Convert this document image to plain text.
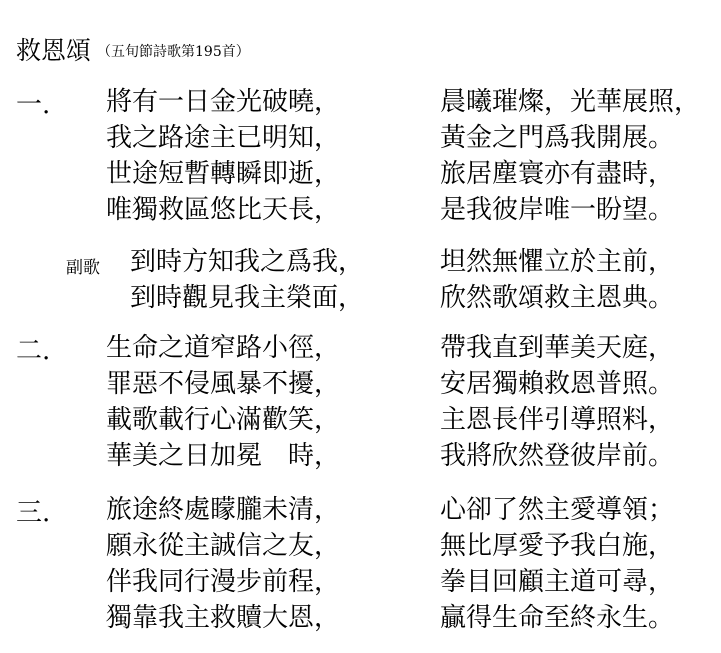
救恩頌 （五旬節詩歌第195首）
一. 將有一日金光破曉，
我之路途主已明知，
世途短暫轉瞬即逝，
唯獨救區悠比天長，
晨曦璀燦，光華展照，
黃金之門爲我開展。
旅居塵寰亦有盡時，
是我彼岸唯一盼望。
副歌 到時方知我之爲我，
到時觀見我主榮面，
坦然無懼立於主前，
欣然歌頌救主恩典。
二. 生命之道窄路小徑，
罪惡不侵風暴不擾，
載歌載行心滿歡笑，
華美之日加冕　時，
帶我直到華美天庭，
安居獨賴救恩普照。
主恩長伴引導照料，
我將欣然登彼岸前。
三. 旅途終處矇朧未清，
願永從主誠信之友，
伴我同行漫步前程，
獨靠我主救贖大恩，
心卻了然主愛導領；
無比厚愛予我白施，
拳目回顧主道可尋，
贏得生命至終永生。
